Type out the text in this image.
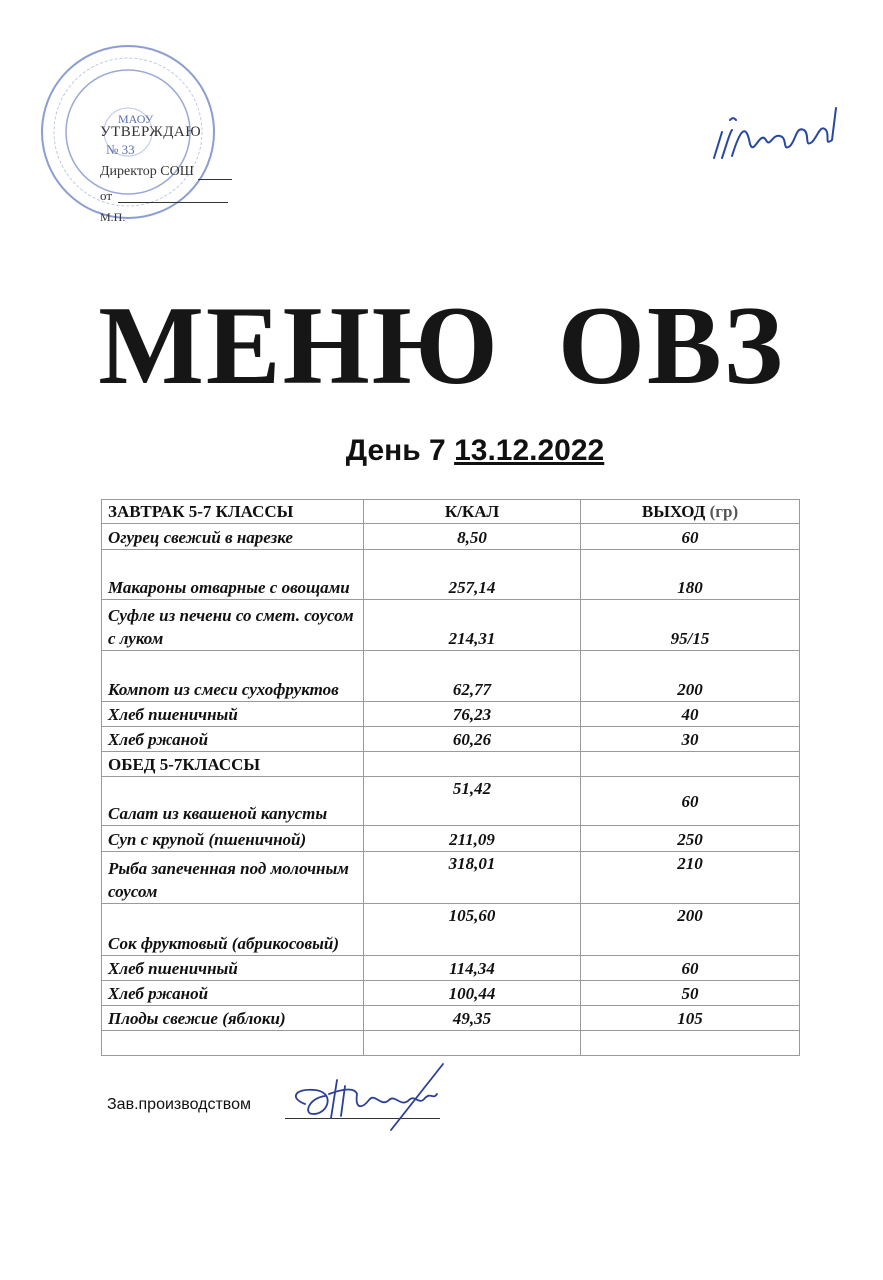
МАОУ
УТВЕРЖДАЮ
№ 33
Директор СОШ
от
М.П.
МЕНЮ ОВЗ
День 7 13.12.2022
ЗАВТРАК 5-7 КЛАССЫ	К/КАЛ	ВЫХОД (гр)
Огурец свежий в нарезке	8,50	60
Макароны отварные с овощами	257,14	180
Суфле из печени со смет. соусом с луком	214,31	95/15
Компот из смеси сухофруктов	62,77	200
Хлеб пшеничный	76,23	40
Хлеб ржаной	60,26	30
ОБЕД 5-7КЛАССЫ		
Салат из квашеной капусты	51,42	60
Суп с крупой (пшеничной)	211,09	250
Рыба запеченная под молочным соусом	318,01	210
Сок фруктовый (абрикосовый)	105,60	200
Хлеб пшеничный	114,34	60
Хлеб ржаной	100,44	50
Плоды свежие (яблоки)	49,35	105

Зав.производством
